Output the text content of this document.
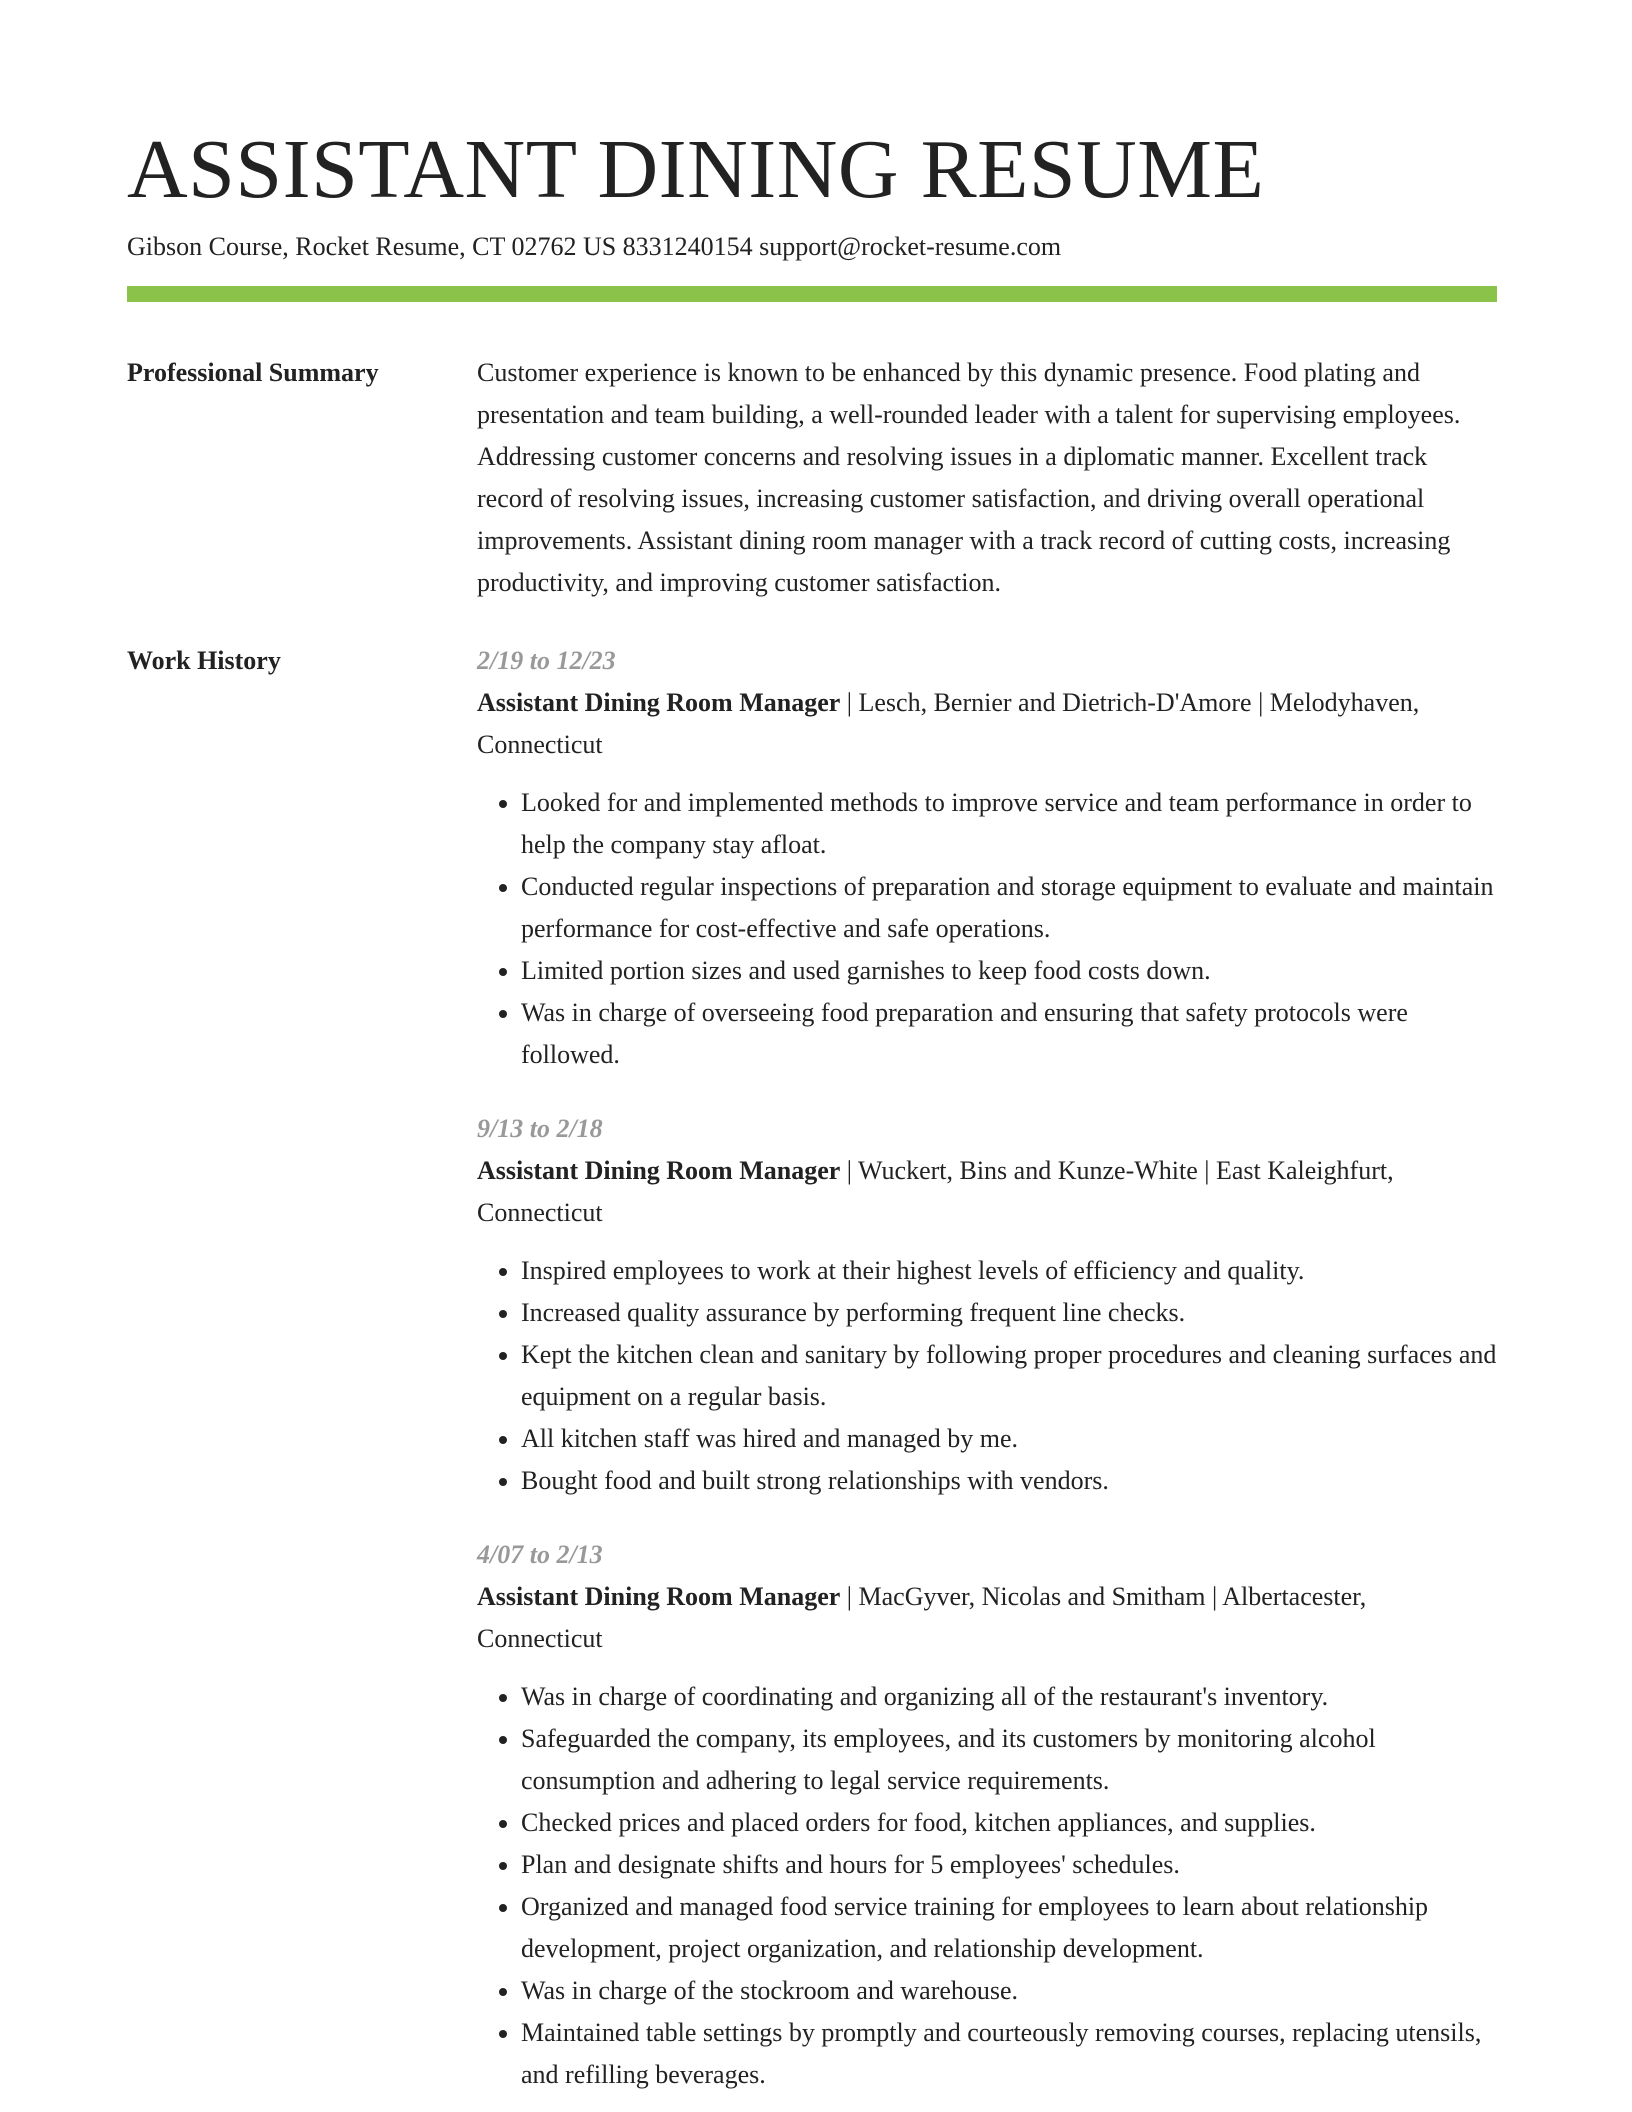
ASSISTANT DINING RESUME
Gibson Course, Rocket Resume, CT 02762 US 8331240154 support@rocket-resume.com
Professional Summary	Customer experience is known to be enhanced by this dynamic presence. Food plating and presentation and team building, a well-rounded leader with a talent for supervising employees. Addressing customer concerns and resolving issues in a diplomatic manner. Excellent track record of resolving issues, increasing customer satisfaction, and driving overall operational improvements. Assistant dining room manager with a track record of cutting costs, increasing productivity, and improving customer satisfaction.

Work History	2/19 to 12/23
Assistant Dining Room Manager | Lesch, Bernier and Dietrich-D'Amore | Melodyhaven, Connecticut
• Looked for and implemented methods to improve service and team performance in order to help the company stay afloat.
• Conducted regular inspections of preparation and storage equipment to evaluate and maintain performance for cost-effective and safe operations.
• Limited portion sizes and used garnishes to keep food costs down.
• Was in charge of overseeing food preparation and ensuring that safety protocols were followed.
9/13 to 2/18
Assistant Dining Room Manager | Wuckert, Bins and Kunze-White | East Kaleighfurt, Connecticut
• Inspired employees to work at their highest levels of efficiency and quality.
• Increased quality assurance by performing frequent line checks.
• Kept the kitchen clean and sanitary by following proper procedures and cleaning surfaces and equipment on a regular basis.
• All kitchen staff was hired and managed by me.
• Bought food and built strong relationships with vendors.
4/07 to 2/13
Assistant Dining Room Manager | MacGyver, Nicolas and Smitham | Albertacester, Connecticut
• Was in charge of coordinating and organizing all of the restaurant's inventory.
• Safeguarded the company, its employees, and its customers by monitoring alcohol consumption and adhering to legal service requirements.
• Checked prices and placed orders for food, kitchen appliances, and supplies.
• Plan and designate shifts and hours for 5 employees' schedules.
• Organized and managed food service training for employees to learn about relationship development, project organization, and relationship development.
• Was in charge of the stockroom and warehouse.
• Maintained table settings by promptly and courteously removing courses, replacing utensils, and refilling beverages.
